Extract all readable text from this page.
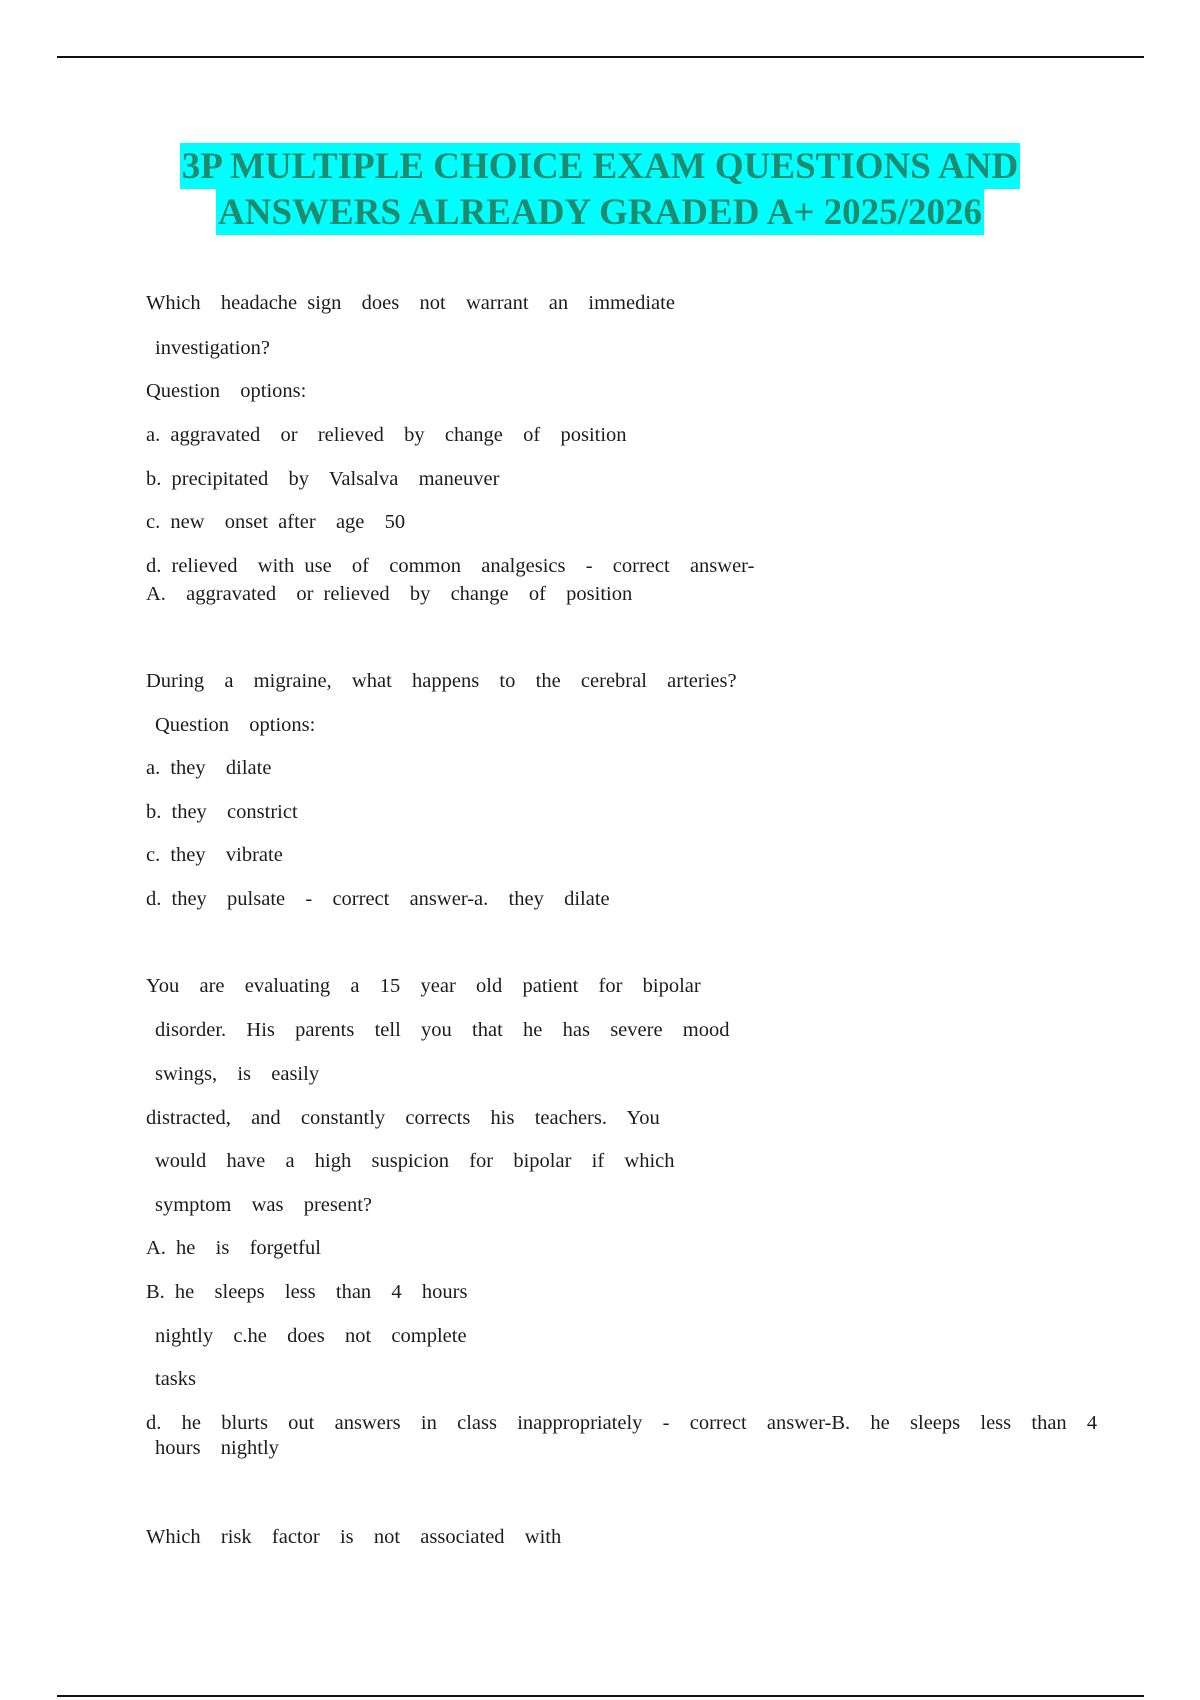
3P MULTIPLE CHOICE EXAM QUESTIONS AND
ANSWERS ALREADY GRADED A+ 2025/2026
Which  headache sign  does  not  warrant  an  immediate
investigation?
Question  options:
a. aggravated  or  relieved  by  change  of  position
b. precipitated  by  Valsalva  maneuver
c. new  onset after  age  50
d. relieved  with use  of  common  analgesics  -  correct  answer-
A.  aggravated  or relieved  by  change  of  position
During  a  migraine,  what  happens  to  the  cerebral  arteries?
Question  options:
a. they  dilate
b. they  constrict
c. they  vibrate
d. they  pulsate  -  correct  answer-a.  they  dilate
You  are  evaluating  a  15  year  old  patient  for  bipolar
disorder.  His  parents  tell  you  that  he  has  severe  mood
swings,  is  easily
distracted,  and  constantly  corrects  his  teachers.  You
would  have  a  high  suspicion  for  bipolar  if  which
symptom  was  present?
A. he  is  forgetful
B. he  sleeps  less  than  4  hours
nightly  c.he  does  not  complete
tasks
d.  he  blurts  out  answers  in  class  inappropriately  -  correct  answer-B.  he  sleeps  less  than  4
hours  nightly
Which  risk  factor  is  not  associated  with
